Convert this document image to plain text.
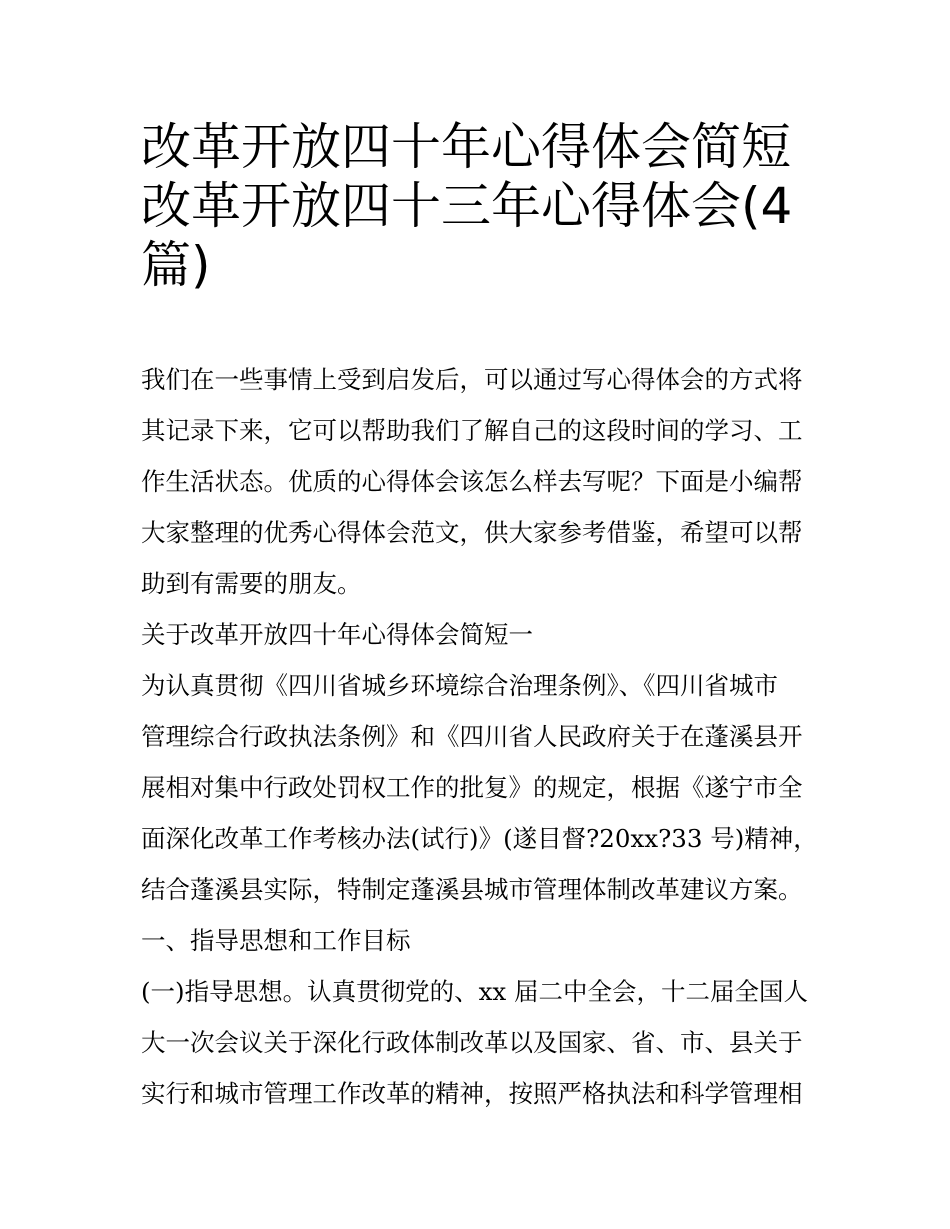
改革开放四十年心得体会简短
改革开放四十三年心得体会(4
篇)

我们在一些事情上受到启发后，可以通过写心得体会的方式将
其记录下来，它可以帮助我们了解自己的这段时间的学习、工
作生活状态。优质的心得体会该怎么样去写呢？下面是小编帮
大家整理的优秀心得体会范文，供大家参考借鉴，希望可以帮
助到有需要的朋友。

关于改革开放四十年心得体会简短一

为认真贯彻《四川省城乡环境综合治理条例》、《四川省城市
管理综合行政执法条例》和《四川省人民政府关于在蓬溪县开
展相对集中行政处罚权工作的批复》的规定，根据《遂宁市全
面深化改革工作考核办法(试行)》(遂目督?20xx?33 号)精神，
结合蓬溪县实际，特制定蓬溪县城市管理体制改革建议方案。

一、指导思想和工作目标

(一)指导思想。认真贯彻党的、xx 届二中全会，十二届全国人
大一次会议关于深化行政体制改革以及国家、省、市、县关于
实行和城市管理工作改革的精神，按照严格执法和科学管理相
